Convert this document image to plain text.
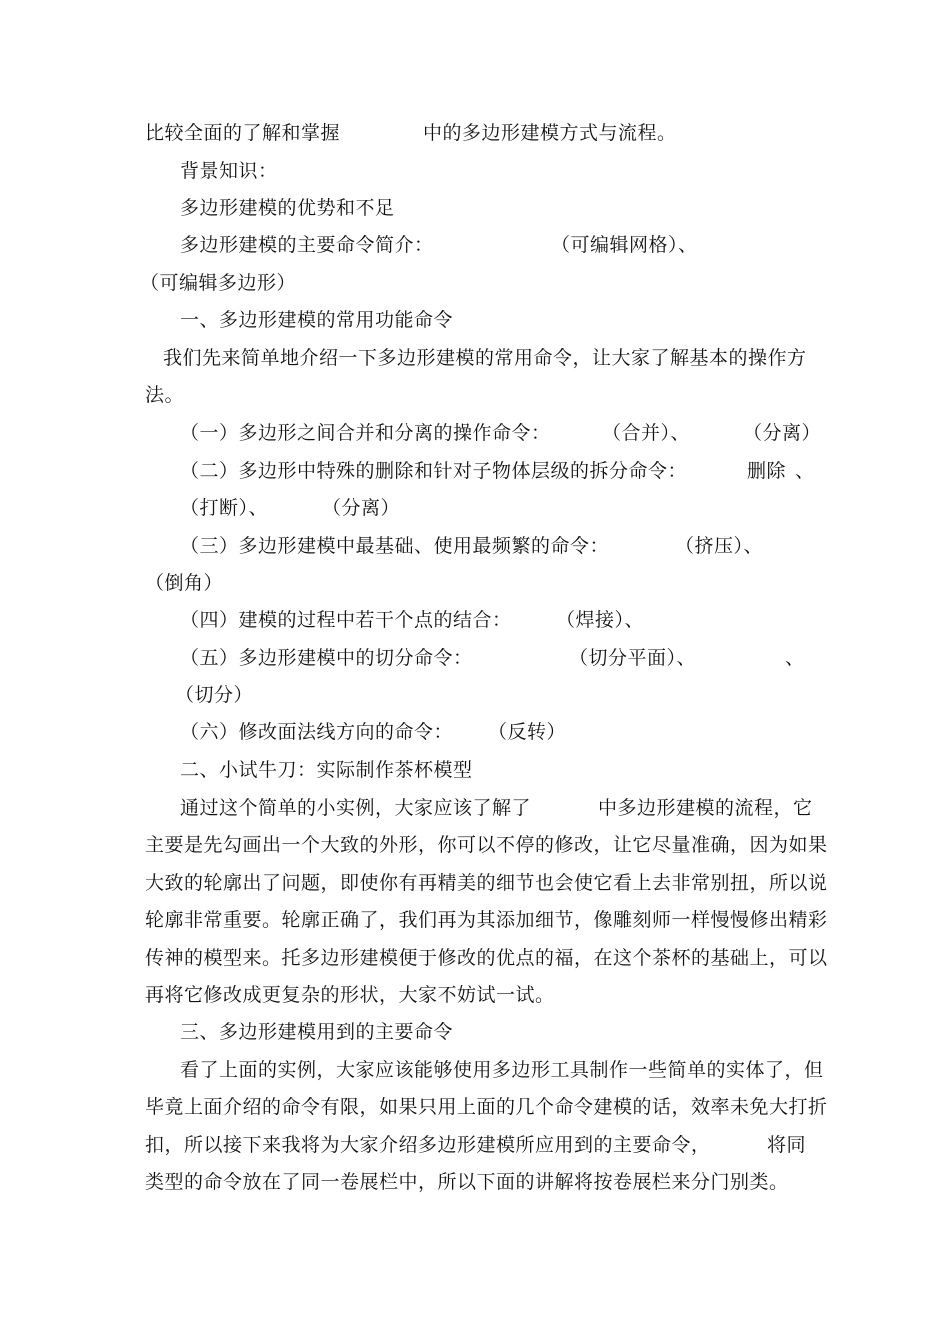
比较全面的了解和掌握	中的多边形建模方式与流程。

背景知识：

多边形建模的优势和不足

多边形建模的主要命令简介：	（可编辑网格）、

（可编辑多边形）

一、多边形建模的常用功能命令

我们先来简单地介绍一下多边形建模的常用命令，让大家了解基本的操作方

法。

（一）多边形之间合并和分离的操作命令：	（合并）、	（分离）

（二）多边形中特殊的删除和针对子物体层级的拆分命令：	删除 、

（打断）、	（分离）

（三）多边形建模中最基础、使用最频繁的命令：	（挤压）、

（倒角）

（四）建模的过程中若干个点的结合： （焊接）、

（五）多边形建模中的切分命令：	（切分平面）、	、

（切分）

（六）修改面法线方向的命令： （反转）

二、小试牛刀：实际制作茶杯模型

通过这个简单的小实例，大家应该了解了	中多边形建模的流程，它

主要是先勾画出一个大致的外形，你可以不停的修改，让它尽量准确，因为如果

大致的轮廓出了问题，即使你有再精美的细节也会使它看上去非常别扭，所以说

轮廓非常重要。轮廓正确了，我们再为其添加细节，像雕刻师一样慢慢修出精彩

传神的模型来。托多边形建模便于修改的优点的福，在这个茶杯的基础上，可以

再将它修改成更复杂的形状，大家不妨试一试。

三、多边形建模用到的主要命令

看了上面的实例，大家应该能够使用多边形工具制作一些简单的实体了，但

毕竟上面介绍的命令有限，如果只用上面的几个命令建模的话，效率未免大打折

扣，所以接下来我将为大家介绍多边形建模所应用到的主要命令，	将同

类型的命令放在了同一卷展栏中，所以下面的讲解将按卷展栏来分门别类。
